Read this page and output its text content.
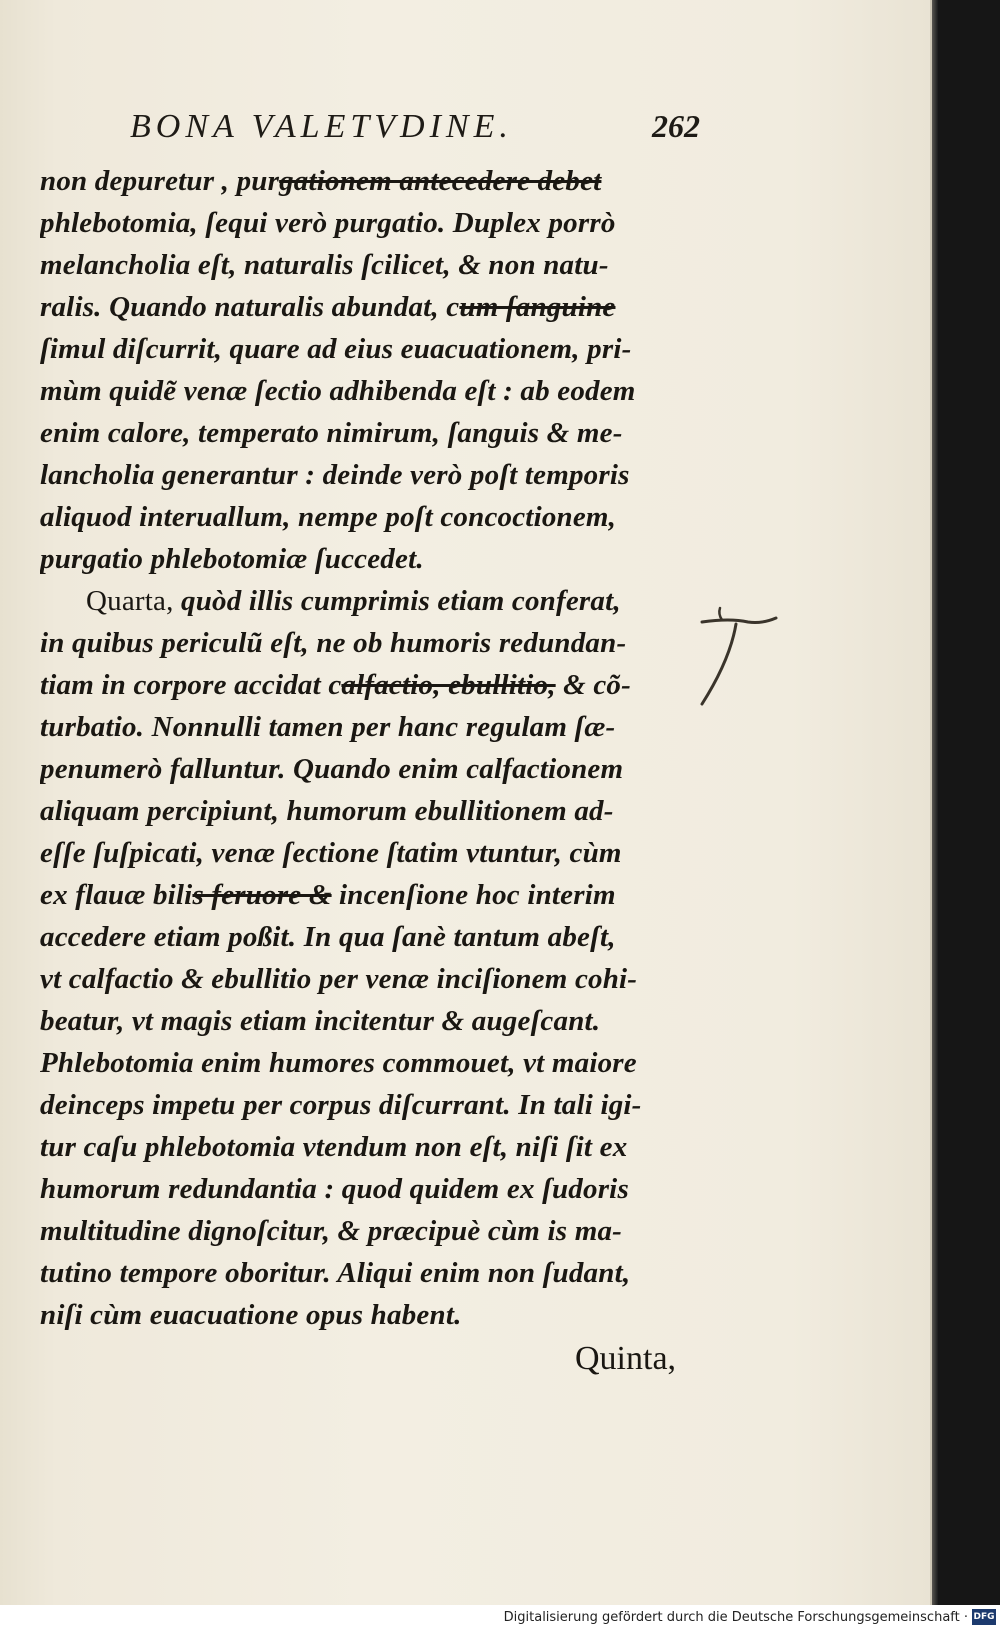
BONA VALETVDINE.	262
non depuretur , purgationem antecedere debet
phlebotomia, ſequi verò purgatio. Duplex porrò
melancholia eſt, naturalis ſcilicet, & non natu-
ralis. Quando naturalis abundat, cum ſanguine
ſimul diſcurrit, quare ad eius euacuationem, pri-
mùm quidẽ venæ ſectio adhibenda eſt : ab eodem
enim calore, temperato nimirum, ſanguis & me-
lancholia generantur : deinde verò poſt temporis
aliquod interuallum, nempe poſt concoctionem,
purgatio phlebotomiæ ſuccedet.
Quarta, quòd illis cumprimis etiam conferat,
in quibus periculũ eſt, ne ob humoris redundan-
tiam in corpore accidat calfactio, ebullitio, & cõ-
turbatio. Nonnulli tamen per hanc regulam ſæ-
penumerò falluntur. Quando enim calfactionem
aliquam percipiunt, humorum ebullitionem ad-
eſſe ſuſpicati, venæ ſectione ſtatim vtuntur, cùm
ex flauæ bilis feruore & incenſione hoc interim
accedere etiam poßit. In qua ſanè tantum abeſt,
vt calfactio & ebullitio per venæ inciſionem cohi-
beatur, vt magis etiam incitentur & augeſcant.
Phlebotomia enim humores commouet, vt maiore
deinceps impetu per corpus diſcurrant. In tali igi-
tur caſu phlebotomia vtendum non eſt, niſi ſit ex
humorum redundantia : quod quidem ex ſudoris
multitudine dignoſcitur, & præcipuè cùm is ma-
tutino tempore oboritur. Aliqui enim non ſudant,
niſi cùm euacuatione opus habent.
Quinta,
Digitalisierung gefördert durch die Deutsche Forschungsgemeinschaft · DFG
